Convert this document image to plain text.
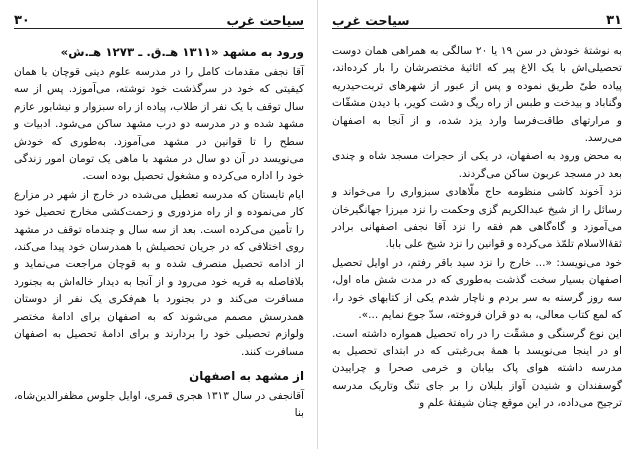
سیاحت غرب
۳۰
ورود به مشهد «۱۳۱۱ هـ.ق. ـ ۱۲۷۳ هـ.ش»

آقا نجفی مقدمات کامل را در مدرسه علوم دینی قوچان با همان کیفیتی که خود در سرگذشت خود نوشته، می‌آموزد. پس از سه سال توقف با یک نفر از طلاب، پیاده از راه سبزوار و نیشابور عازم مشهد شده و در مدرسه دو درب مشهد ساکن می‌شود. ادبیات و سطح را تا قوانین در مشهد می‌آموزد. به‌طوری که خودش می‌نویسد در آن دو سال در مشهد با ماهی یک تومان امور زندگی خود را اداره می‌کرده و مشغول تحصیل بوده است.

ایام تابستان که مدرسه تعطیل می‌شده در خارج از شهر در مزارع کار می‌نموده و از راه مزدوری و زحمت‌کشی مخارج تحصیل خود را تأمین می‌کرده است. بعد از سه سال و چندماه توقف در مشهد روی اختلافی که در جریان تحصیلش با همدرسان خود پیدا می‌کند، از ادامه تحصیل منصرف شده و به قوچان مراجعت می‌نماید و بلافاصله به قریه خود می‌رود و از آنجا به دیدار خاله‌اش به بجنورد مسافرت می‌کند و در بجنورد با هم‌فکری یک نفر از دوستان همدرسش مصمم می‌شوند که به اصفهان برای ادامهٔ مختصر ولوازم تحصیلی خود را بردارند و برای ادامهٔ تحصیل به اصفهان مسافرت کنند.

از مشهد به اصفهان

آقانجفی در سال ۱۳۱۳ هجری قمری، اوایل جلوس مظفرالدین‌شاه، بنا

۳۱
سیاحت غرب

به نوشتهٔ خودش در سن ۱۹ یا ۲۰ سالگی به همراهی همان دوست تحصیلی‌اش با یک الاغ پیر که اثاثیهٔ مختصرشان را بار کرده‌اند، پیاده طیّ طریق نموده و پس از عبور از شهرهای تربت‌حیدریه وگناباد و بیدخت و طبس از راه ریگ و دشت کویر، با دیدن مشقّات و مرارتهای طاقت‌فرسا وارد یزد شده، و از آنجا به اصفهان می‌رسد.

به محض ورود به اصفهان، در یکی از حجرات مسجد شاه و چندی بعد در مسجد عربون ساکن می‌گردند.

نزد آخوند کاشی منظومه حاج ملّاهادی سبزواری را می‌خواند و رسائل را از شیخ عبدالکریم گزی وحکمت را نزد میرزا جهانگیرخان می‌آموزد و گاه‌گاهی هم فقه را نزد آقا نجفی اصفهانی برادر ثقهٔ‌الاسلام تلمّذ می‌کرده و قوانین را نزد شیخ علی بابا.

خود می‌نویسد: «... خارج را نزد سید باقر رفتم، در اوایل تحصیل اصفهان بسیار سخت گذشت به‌طوری که در مدت شش ماه اول، سه روز گرسنه به سر بردم و ناچار شدم یکی از کتابهای خود را، که لمع کتاب معالی، به دو قران فروخته، سدّ جوع نمایم ...».

این نوع گرسنگی و مشقّت را در راه تحصیل همواره داشته است. او در اینجا می‌نویسد با همهٔ بی‌رغبتی که در ابتدای تحصیل به مدرسه داشته هوای پاک بیابان و خرمی صحرا و چراییدن گوسفندان و شنیدن آواز بلبلان را بر جای تنگ وتاریک مدرسه ترجیح می‌داده، در این موقع چنان شیفتهٔ علم و
